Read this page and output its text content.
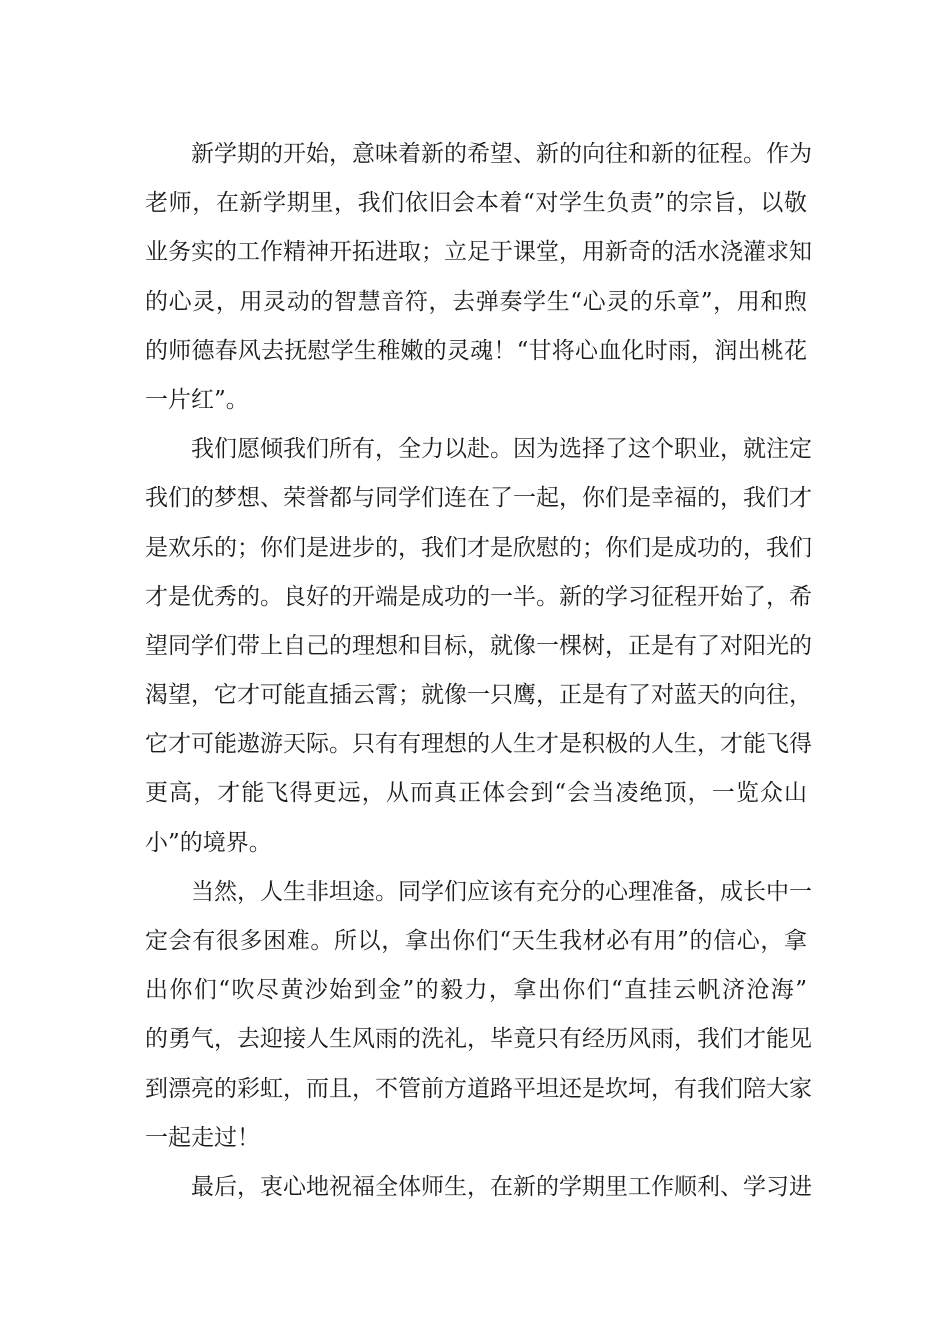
新学期的开始，意味着新的希望、新的向往和新的征程。作为
老师，在新学期里，我们依旧会本着“对学生负责”的宗旨，以敬
业务实的工作精神开拓进取；立足于课堂，用新奇的活水浇灌求知
的心灵，用灵动的智慧音符，去弹奏学生“心灵的乐章”，用和煦
的师德春风去抚慰学生稚嫩的灵魂！“甘将心血化时雨，润出桃花
一片红”。
我们愿倾我们所有，全力以赴。因为选择了这个职业，就注定
我们的梦想、荣誉都与同学们连在了一起，你们是幸福的，我们才
是欢乐的；你们是进步的，我们才是欣慰的；你们是成功的，我们
才是优秀的。良好的开端是成功的一半。新的学习征程开始了，希
望同学们带上自己的理想和目标，就像一棵树，正是有了对阳光的
渴望，它才可能直插云霄；就像一只鹰，正是有了对蓝天的向往，
它才可能遨游天际。只有有理想的人生才是积极的人生，才能飞得
更高，才能飞得更远，从而真正体会到“会当凌绝顶，一览众山
小”的境界。
当然，人生非坦途。同学们应该有充分的心理准备，成长中一
定会有很多困难。所以，拿出你们“天生我材必有用”的信心，拿
出你们“吹尽黄沙始到金”的毅力，拿出你们“直挂云帆济沧海”
的勇气，去迎接人生风雨的洗礼，毕竟只有经历风雨，我们才能见
到漂亮的彩虹，而且，不管前方道路平坦还是坎坷，有我们陪大家
一起走过！
最后，衷心地祝福全体师生，在新的学期里工作顺利、学习进
